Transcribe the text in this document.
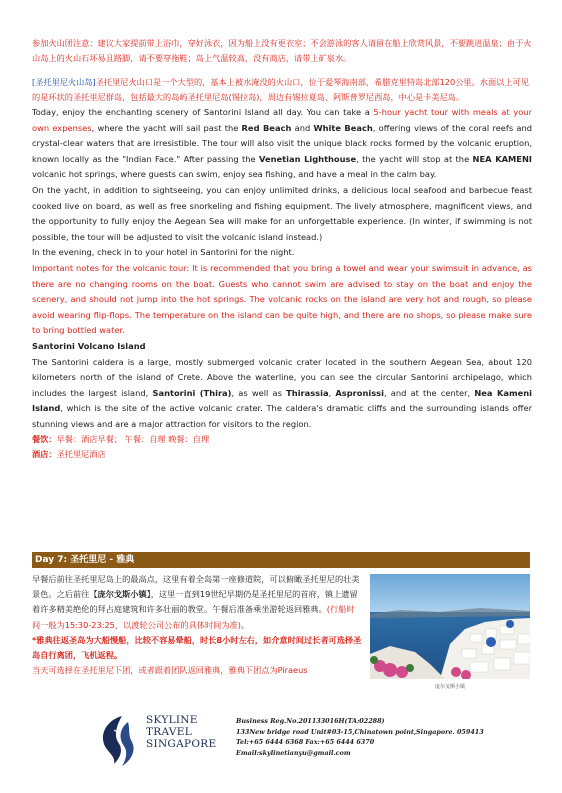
参加火山团注意：建议大家提前带上浴巾，穿好泳衣，因为船上没有更衣室；不会游泳的客人请留在船上欣赏风景，不要跳进温泉；由于火山岛上的火山石坏易且路脚，请不要穿拖鞋；岛上气温较高，没有商店，请带上矿泉水。

[圣托里尼火山岛]圣托里尼火山口是一个大型的，基本上被水淹没的火山口，位于爱琴海南部，希腊克里特岛北部120公里。水面以上可见的是环状的圣托里尼群岛，包括最大的岛屿圣托里尼岛(锡拉岛)，周边有锡拉夏岛、阿斯普罗尼西岛，中心是卡美尼岛。

Today, enjoy the enchanting scenery of Santorini Island all day. You can take a 5-hour yacht tour with meals at your own expenses, where the yacht will sail past the Red Beach and White Beach, offering views of the coral reefs and crystal-clear waters that are irresistible. The tour will also visit the unique black rocks formed by the volcanic eruption, known locally as the "Indian Face." After passing the Venetian Lighthouse, the yacht will stop at the NEA KAMENI volcanic hot springs, where guests can swim, enjoy sea fishing, and have a meal in the calm bay.

On the yacht, in addition to sightseeing, you can enjoy unlimited drinks, a delicious local seafood and barbecue feast cooked live on board, as well as free snorkeling and fishing equipment. The lively atmosphere, magnificent views, and the opportunity to fully enjoy the Aegean Sea will make for an unforgettable experience. (In winter, if swimming is not possible, the tour will be adjusted to visit the volcanic island instead.)

In the evening, check in to your hotel in Santorini for the night.

Important notes for the volcanic tour: It is recommended that you bring a towel and wear your swimsuit in advance, as there are no changing rooms on the boat. Guests who cannot swim are advised to stay on the boat and enjoy the scenery, and should not jump into the hot springs. The volcanic rocks on the island are very hot and rough, so please avoid wearing flip-flops. The temperature on the island can be quite high, and there are no shops, so please make sure to bring bottled water.

Santorini Volcano Island

The Santorini caldera is a large, mostly submerged volcanic crater located in the southern Aegean Sea, about 120 kilometers north of the island of Crete. Above the waterline, you can see the circular Santorini archipelago, which includes the largest island, Santorini (Thira), as well as Thirassia, Aspronissi, and at the center, Nea Kameni Island, which is the site of the active volcanic crater. The caldera's dramatic cliffs and the surrounding islands offer stunning views and are a major attraction for visitors to the region.

餐饮：早餐：酒店早餐； 午餐：自理 晚餐：自理

酒店：圣托里尼酒店

Day 7: 圣托里尼 - 雅典

早餐后前往圣托里尼岛上的最高点，这里有着全岛第一座修道院，可以俯瞰圣托里尼的壮美景色。之后前往【庞尔戈斯小镇】，这里一直到19世纪早期仍是圣托里尼的首府，镇上遗留着许多精美绝伦的拜占庭建筑和许多壮丽的教堂。午餐后准备乘坐游轮返回雅典。(行船时间一般为15:30-23:25，以渡轮公司公布的具体时间为准)。

*雅典往返圣岛为大船慢船，比较不容易晕船，时长8小时左右，如介意时间过长者可选择圣岛自行离团，飞机返程。

当天可选择在圣托里尼下团，或者跟着团队返回雅典，雅典下团点为Piraeus

庞尔戈斯小镇
SKYLINE
TRAVEL
SINGAPORE
Business Reg.No.201133016H(TA:02288)
133New bridge road Unit#03-15,Chinatown point,Singapore. 059413
Tel:+65 6444 6368 Fax:+65 6444 6370
Email:skylinetianyu@gmail.com
